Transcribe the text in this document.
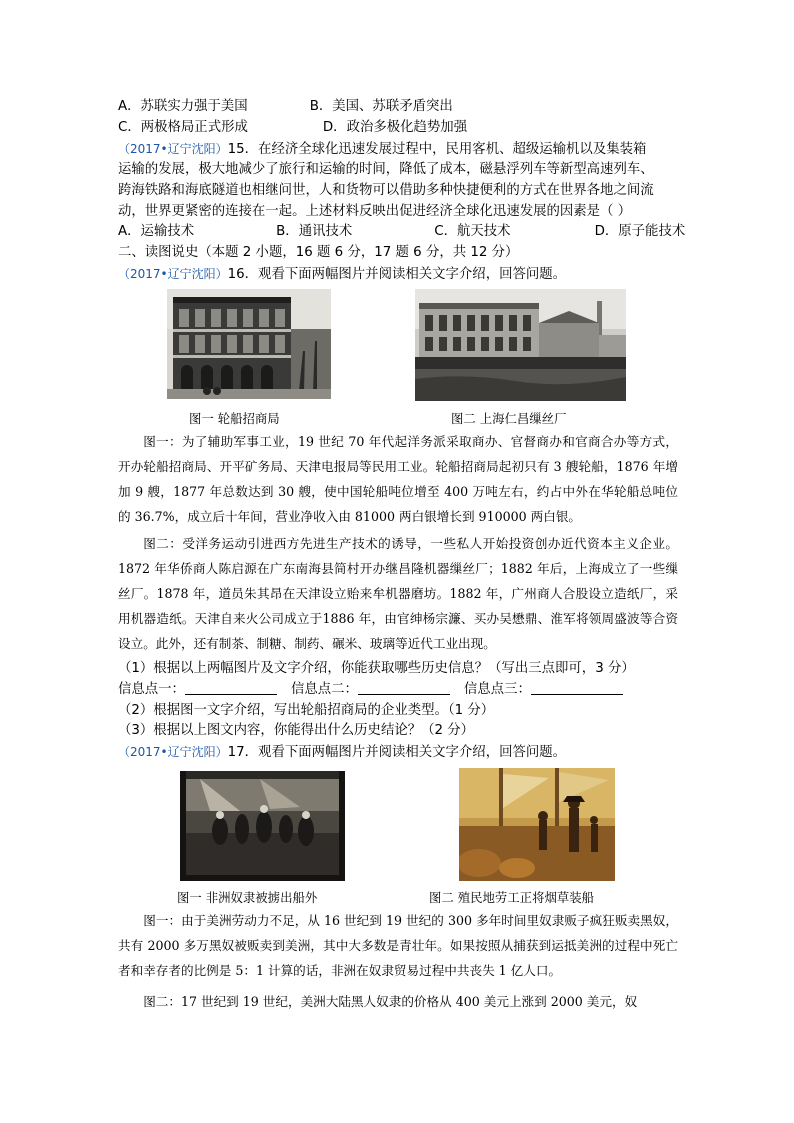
A．苏联实力强于美国	B．美国、苏联矛盾突出
C．两极格局正式形成	D．政治多极化趋势加强
（2017•辽宁沈阳）15．在经济全球化迅速发展过程中，民用客机、超级运输机以及集装箱
运输的发展，极大地减少了旅行和运输的时间，降低了成本，磁悬浮列车等新型高速列车、
跨海铁路和海底隧道也相继问世，人和货物可以借助多种快捷便利的方式在世界各地之间流
动，世界更紧密的连接在一起。上述材料反映出促进经济全球化迅速发展的因素是（ ）
A．运输技术	B．通讯技术	C．航天技术	D．原子能技术
二、读图说史（本题 2 小题，16 题 6 分，17 题 6 分，共 12 分）
（2017•辽宁沈阳）16．观看下面两幅图片并阅读相关文字介绍，回答问题。
图一 轮船招商局	图二 上海仁昌缫丝厂
图一：为了辅助军事工业，19 世纪 70 年代起洋务派采取商办、官督商办和官商合办等方式，开办轮船招商局、开平矿务局、天津电报局等民用工业。轮船招商局起初只有 3 艘轮船，1876 年增加 9 艘，1877 年总数达到 30 艘，使中国轮船吨位增至 400 万吨左右，约占中外在华轮船总吨位的 36.7%，成立后十年间，营业净收入由 81000 两白银增长到 910000 两白银。
图二：受洋务运动引进西方先进生产技术的诱导，一些私人开始投资创办近代资本主义企业。1872 年华侨商人陈启源在广东南海县简村开办继昌隆机器缫丝厂；1882 年后，上海成立了一些缫丝厂。1878 年，道员朱其昂在天津设立贻来牟机器磨坊。1882 年，广州商人合股设立造纸厂，采用机器造纸。天津自来火公司成立于1886 年，由官绅杨宗濂、买办吴懋鼎、淮军将领周盛波等合资设立。此外，还有制茶、制糖、制药、碾米、玻璃等近代工业出现。
（1）根据以上两幅图片及文字介绍，你能获取哪些历史信息？（写出三点即可，3 分）
信息点一：	信息点二：	信息点三：
（2）根据图一文字介绍，写出轮船招商局的企业类型。（1 分）
（3）根据以上图文内容，你能得出什么历史结论？（2 分）
（2017•辽宁沈阳）17．观看下面两幅图片并阅读相关文字介绍，回答问题。
图一 非洲奴隶被掳出船外	图二 殖民地劳工正将烟草装船
图一：由于美洲劳动力不足，从 16 世纪到 19 世纪的 300 多年时间里奴隶贩子疯狂贩卖黑奴，共有 2000 多万黑奴被贩卖到美洲，其中大多数是青壮年。如果按照从捕获到运抵美洲的过程中死亡者和幸存者的比例是 5：1 计算的话，非洲在奴隶贸易过程中共丧失 1 亿人口。
图二：17 世纪到 19 世纪，美洲大陆黑人奴隶的价格从 400 美元上涨到 2000 美元，奴
